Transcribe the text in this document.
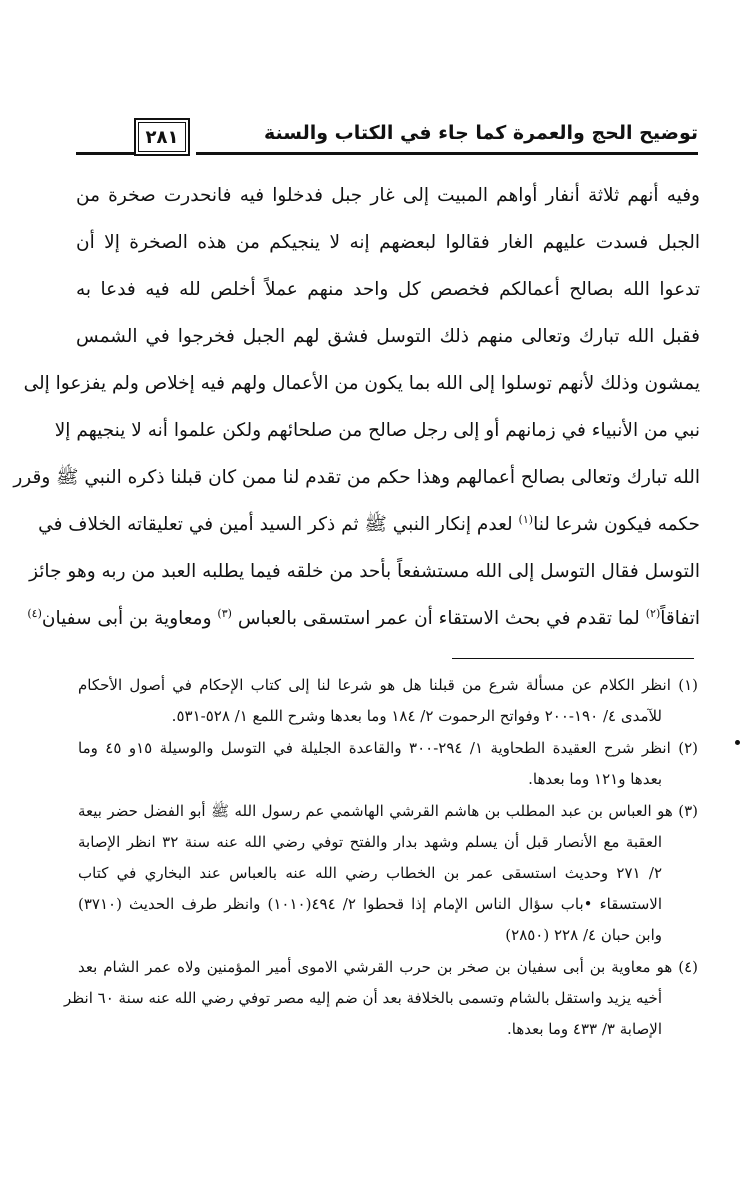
توضيح الحج والعمرة كما جاء في الكتاب والسنة
٢٨١
وفيه أنهم ثلاثة أنفار أواهم المبيت إلى غار جبل فدخلوا فيه فانحدرت صخرة من
الجبل فسدت عليهم الغار فقالوا لبعضهم إنه لا ينجيكم من هذه الصخرة إلا أن
تدعوا الله بصالح أعمالكم فخصص كل واحد منهم عملاً أخلص لله فيه فدعا به
فقبل الله تبارك وتعالى منهم ذلك التوسل فشق لهم الجبل فخرجوا في الشمس
يمشون وذلك لأنهم توسلوا إلى الله بما يكون من الأعمال ولهم فيه إخلاص ولم يفزعوا إلى
نبي من الأنبياء في زمانهم أو إلى رجل صالح من صلحائهم ولكن علموا أنه لا ينجيهم إلا
الله تبارك وتعالى بصالح أعمالهم وهذا حكم من تقدم لنا ممن كان قبلنا ذكره النبي ﷺ وقرر
حكمه فيكون شرعا لنا$^{(١)}$ لعدم إنكار النبي ﷺ ثم ذكر السيد أمين في تعليقاته الخلاف في
التوسل فقال التوسل إلى الله مستشفعاً بأحد من خلقه فيما يطلبه العبد من ربه وهو جائز
اتفاقاً$^{(٢)}$ لما تقدم في بحث الاستقاء أن عمر استسقى بالعباس $^{(٣)}$ ومعاوية بن أبى سفيان$^{(٤)}$
(١) انظر الكلام عن مسألة شرع من قبلنا هل هو شرعا لنا إلى كتاب الإحكام في أصول الأحكام
للآمدى ٤/ ١٩٠-٢٠٠ وفواتح الرحموت ٢/ ١٨٤ وما بعدها وشرح اللمع ١/ ٥٢٨-٥٣١.
(٢) انظر شرح العقيدة الطحاوية ١/ ٢٩٤-٣٠٠ والقاعدة الجليلة في التوسل والوسيلة ١٥و ٤٥ وما
بعدها و١٢١ وما بعدها.
(٣) هو العباس بن عبد المطلب بن هاشم القرشي الهاشمي عم رسول الله ﷺ أبو الفضل حضر بيعة
العقبة مع الأنصار قبل أن يسلم وشهد بدار والفتح توفي رضي الله عنه سنة ٣٢ انظر الإصابة
٢/ ٢٧١ وحديث استسقى عمر بن الخطاب رضي الله عنه بالعباس عند البخاري في كتاب
الاستسقاء •باب سؤال الناس الإمام إذا قحطوا ٢/ ٤٩٤(١٠١٠) وانظر طرف الحديث (٣٧١٠)
وابن حبان ٤/ ٢٢٨ (٢٨٥٠)
(٤) هو معاوية بن أبى سفيان بن صخر بن حرب القرشي الاموى أمير المؤمنين ولاه عمر الشام بعد
أخيه يزيد واستقل بالشام وتسمى بالخلافة بعد أن ضم إليه مصر توفي رضي الله عنه سنة ٦٠ انظر
الإصابة ٣/ ٤٣٣ وما بعدها.
